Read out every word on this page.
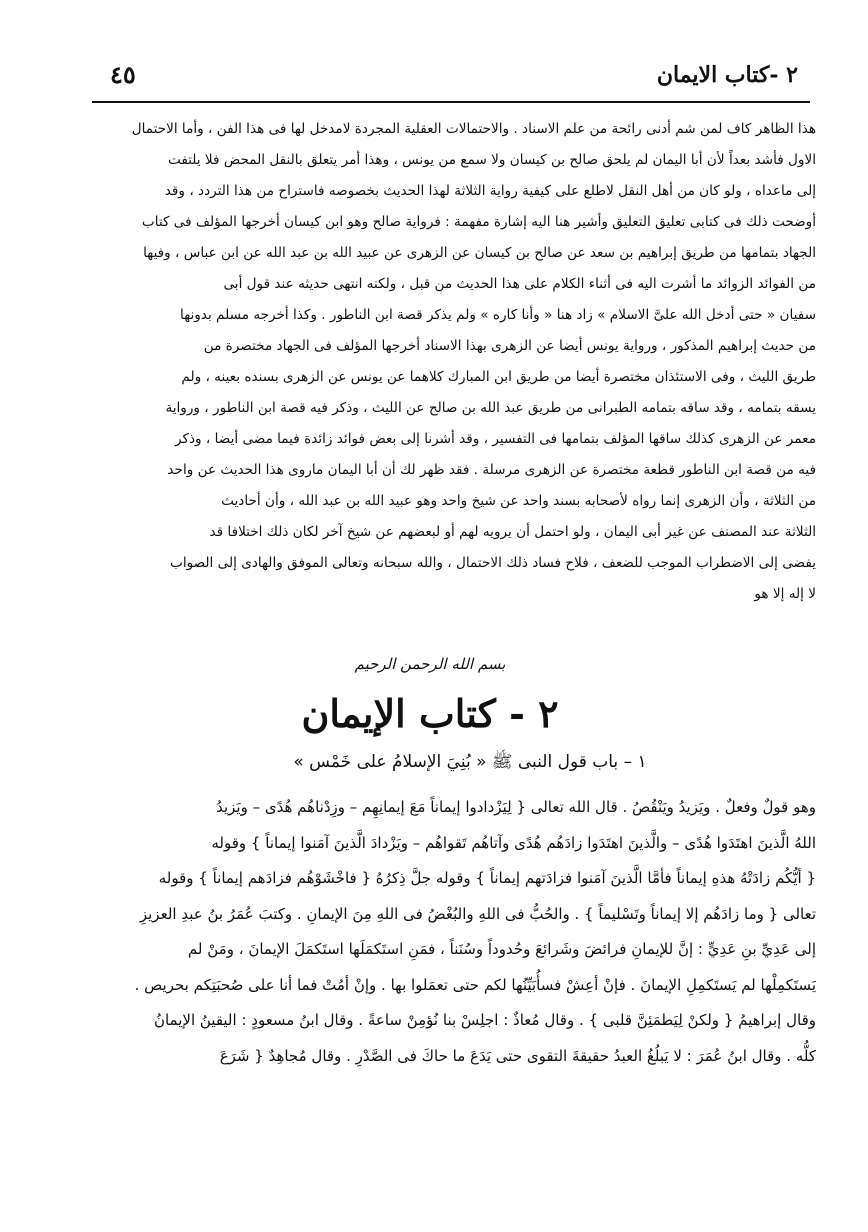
٢ -كتاب الايمان
٤٥
هذا الظاهر كاف لمن شم أدنى رائحة من علم الاسناد . والاحتمالات العقلية المجردة لامدخل لها فى هذا الفن ، وأما الاحتمال
الاول فأشد بعداً لأن أبا اليمان لم يلحق صالح بن كيسان ولا سمع من يونس ، وهذا أمر يتعلق بالنقل المحض فلا يلتفت
إلى ماعداه ، ولو كان من أهل النقل لاطلع على كيفية رواية الثلاثة لهذا الحديث بخصوصه فاستراح من هذا التردد ، وقد
أوضحت ذلك فى كتابى تعليق التعليق وأشير هنا اليه إشارة مفهمة : فرواية صالح وهو ابن كيسان أخرجها المؤلف فى كتاب
الجهاد بتمامها من طريق إبراهيم بن سعد عن صالح بن كيسان عن الزهرى عن عبيد الله بن عبد الله عن ابن عباس ، وفيها
من الفوائد الزوائد ما أشرت اليه فى أثناء الكلام على هذا الحديث من قبل ، ولكنه انتهى حديثه عند قول أبى
سفيان « حتى أدخل الله علىَّ الاسلام » زاد هنا « وأنا كاره » ولم يذكر قصة ابن الناطور . وكذا أخرجه مسلم بدونها
من حديث إبراهيم المذكور ، ورواية يونس أيضا عن الزهرى بهذا الاسناد أخرجها المؤلف فى الجهاد مختصرة من
طريق الليث ، وفى الاستئذان مختصرة أيضا من طريق ابن المبارك كلاهما عن يونس عن الزهرى بسنده بعينه ، ولم
يسقه بتمامه ، وقد ساقه بتمامه الطبرانى من طريق عبد الله بن صالح عن الليث ، وذكر فيه قصة ابن الناطور ، ورواية
معمر عن الزهرى كذلك ساقها المؤلف بتمامها فى التفسير ، وقد أشرنا إلى بعض فوائد زائدة فيما مضى أيضا ، وذكر
فيه من قصة ابن الناطور قطعة مختصرة عن الزهرى مرسلة . فقد ظهر لك أن أبا اليمان ماروى هذا الحديث عن واحد
من الثلاثة ، وأن الزهرى إنما رواه لأصحابه بسند واحد عن شيخ واحد وهو عبيد الله بن عبد الله ، وأن أحاديث
الثلاثة عند المصنف عن غير أبى اليمان ، ولو احتمل أن يرويه لهم أو لبعضهم عن شيخ آخر لكان ذلك اختلافا قد
يفضى إلى الاضطراب الموجب للضعف ، فلاح فساد ذلك الاحتمال ، والله سبحانه وتعالى الموفق والهادى إلى الصواب
لا إله إلا هو
بسم الله الرحمن الرحيم
٢ - كتاب الإيمان
١ – باب قول النبى ﷺ « بُنِيَ الإسلامُ على خَمْس »
وهو قولٌ وفعلٌ . ويَزيدُ ويَنْقُصُ . قال الله تعالى { لِيَزْدادوا إيماناً مَعَ إيمانِهِم – وزِدْناهُم هُدًى – ويَزيدُ
اللهُ الَّذينَ اهتَدَوا هُدًى – والَّذينَ اهتَدَوا زادَهُم هُدًى وآتاهُم تَقواهُم – ويَزْدادَ الَّذينَ آمَنوا إيماناً } وقوله
{ أيُّكُم زادَتْهُ هذهِ إيماناً فأمَّا الَّذينَ آمَنوا فزادَتهم إيماناً } وقوله جلَّ ذِكرُهُ { فاخْشَوْهُم فزادَهم إيماناً } وقوله
تعالى { وما زادَهُم إلا إيماناً وتَسْليماً } . والحُبُّ فى اللهِ والبُغْضُ فى اللهِ مِنَ الإيمانِ . وكتبَ عُمَرُ بنُ عبدِ العزيزِ
إلى عَدِيِّ بنِ عَدِيٍّ : إنَّ للإيمانِ فرائضَ وشَرائعَ وحُدوداً وسُنَناً ، فمَنِ استَكمَلَها استَكمَلَ الإيمانَ ، ومَنْ لم
يَستَكمِلْها لم يَستَكمِلِ الإيمانَ . فإنْ أعِشْ فسأُبَيِّنُها لكم حتى تعمَلوا بها . وإنْ أمُتْ فما أنا على صُحبَتِكم بحريص .
وقال إبراهيمُ { ولكنْ لِيَطمَئِنَّ قلبى } . وقال مُعاذٌ : اجلِسْ بنا نُؤمِنْ ساعةً . وقال ابنُ مسعودٍ : اليقينُ الإيمانُ
كلُّه . وقال ابنُ عُمَرَ : لا يَبلُغُ العبدُ حقيقةَ التقوى حتى يَدَعَ ما حاكَ فى الصَّدْرِ . وقال مُجاهِدٌ { شَرَعَ
